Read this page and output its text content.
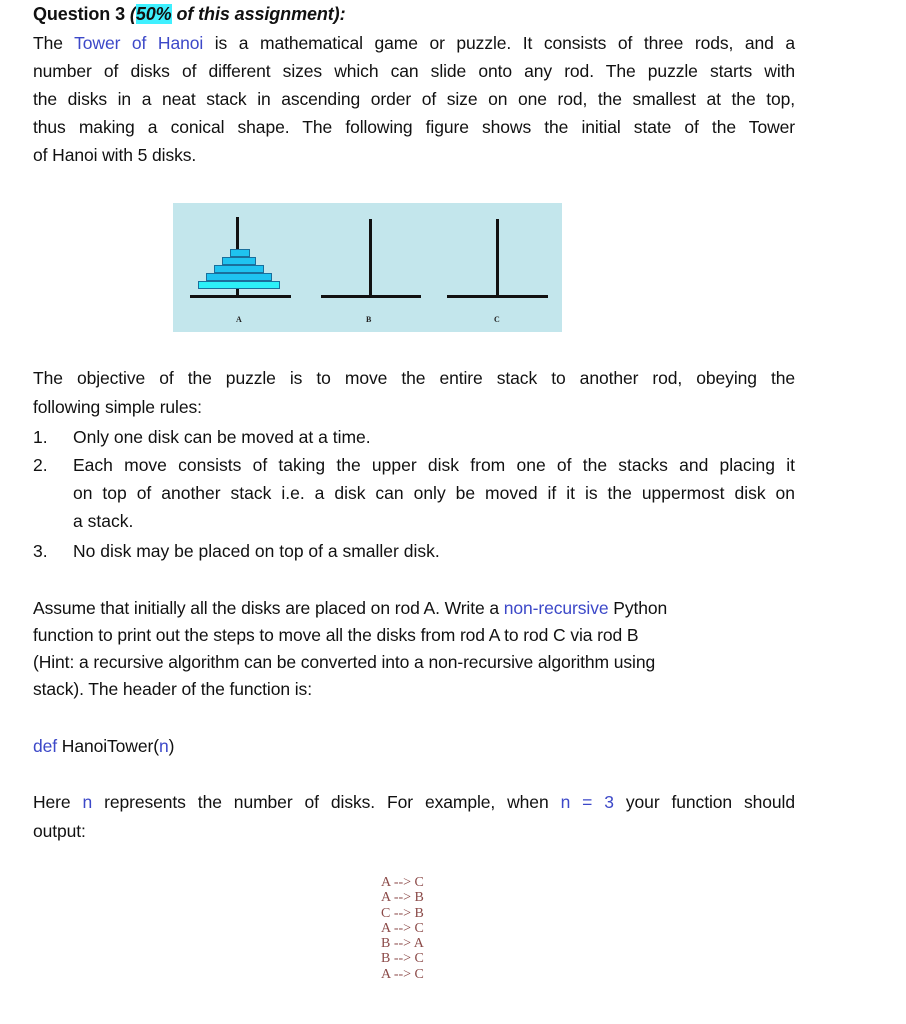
Question 3 (50% of this assignment):
The Tower of Hanoi is a mathematical game or puzzle. It consists of three rods, and a
number of disks of different sizes which can slide onto any rod. The puzzle starts with
the disks in a neat stack in ascending order of size on one rod, the smallest at the top,
thus making a conical shape. The following figure shows the initial state of the Tower
of Hanoi with 5 disks.
A	B	C
The objective of the puzzle is to move the entire stack to another rod, obeying the
following simple rules:
1. Only one disk can be moved at a time.
2. Each move consists of taking the upper disk from one of the stacks and placing it
on top of another stack i.e. a disk can only be moved if it is the uppermost disk on
a stack.
3. No disk may be placed on top of a smaller disk.
Assume that initially all the disks are placed on rod A. Write a non-recursive Python
function to print out the steps to move all the disks from rod A to rod C via rod B
(Hint: a recursive algorithm can be converted into a non-recursive algorithm using
stack). The header of the function is:
def HanoiTower(n)
Here n represents the number of disks. For example, when n = 3 your function should
output:
A --> C
A --> B
C --> B
A --> C
B --> A
B --> C
A --> C
